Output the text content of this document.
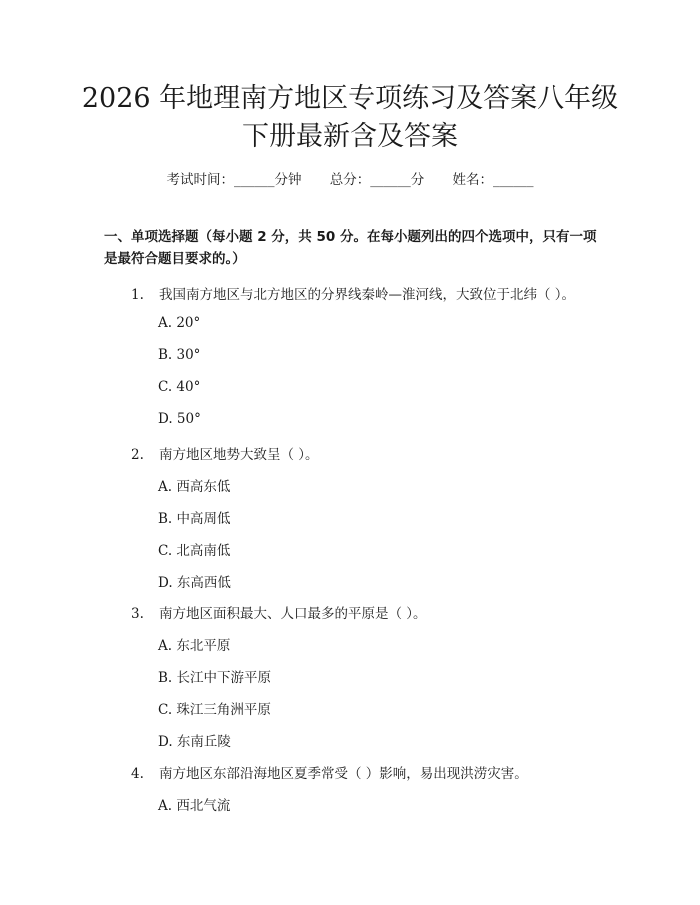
2026 年地理南方地区专项练习及答案八年级
下册最新含及答案
考试时间：______分钟 总分：______分 姓名：______
一、单项选择题（每小题 2 分，共 50 分。在每小题列出的四个选项中，只有一项是最符合题目要求的。）
1. 我国南方地区与北方地区的分界线秦岭—淮河线，大致位于北纬（ ）。
A. 20°
B. 30°
C. 40°
D. 50°
2. 南方地区地势大致呈（ ）。
A. 西高东低
B. 中高周低
C. 北高南低
D. 东高西低
3. 南方地区面积最大、人口最多的平原是（ ）。
A. 东北平原
B. 长江中下游平原
C. 珠江三角洲平原
D. 东南丘陵
4. 南方地区东部沿海地区夏季常受（ ）影响，易出现洪涝灾害。
A. 西北气流
